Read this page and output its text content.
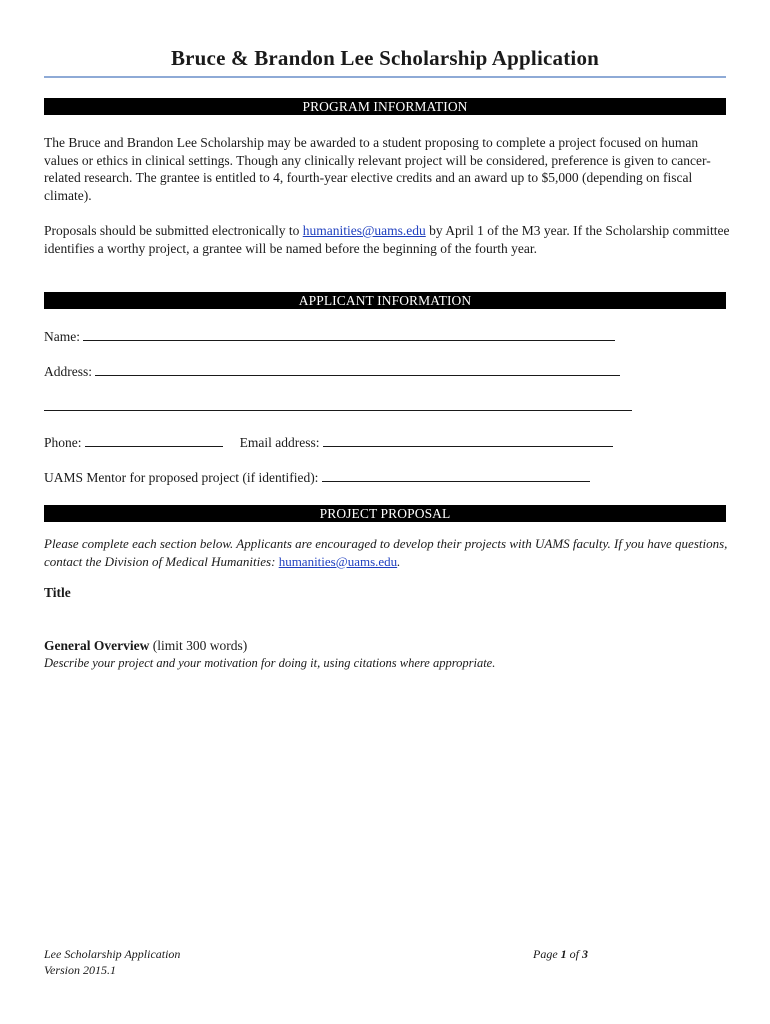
Bruce & Brandon Lee Scholarship Application
PROGRAM INFORMATION

The Bruce and Brandon Lee Scholarship may be awarded to a student proposing to complete a project focused on human values or ethics in clinical settings. Though any clinically relevant project will be considered, preference is given to cancer-related research. The grantee is entitled to 4, fourth-year elective credits and an award up to $5,000 (depending on fiscal climate).

Proposals should be submitted electronically to humanities@uams.edu by April 1 of the M3 year. If the Scholarship committee identifies a worthy project, a grantee will be named before the beginning of the fourth year.

APPLICANT INFORMATION
Name:
Address:
Phone:	Email address:
UAMS Mentor for proposed project (if identified):
PROJECT PROPOSAL

Please complete each section below. Applicants are encouraged to develop their projects with UAMS faculty. If you have questions, contact the Division of Medical Humanities: humanities@uams.edu.

Title
General Overview (limit 300 words)
Describe your project and your motivation for doing it, using citations where appropriate.
Lee Scholarship Application
Version 2015.1
Page 1 of 3
